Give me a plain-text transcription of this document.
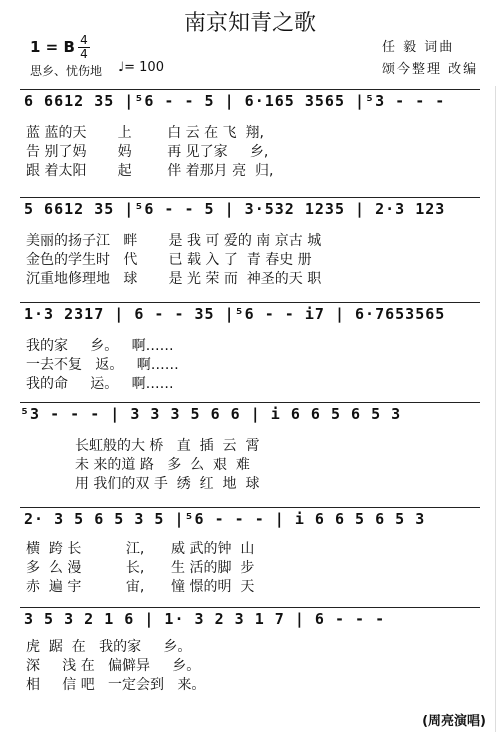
南京知青之歌
1 = B 4
4
思乡、忧伤地 ♩= 100
任 毅 词曲
颂今整理 改编
6 6612 35 |⁵6 - - 5 | 6·165 3565 |⁵3 - - -
蓝 蓝的天       上        白 云 在 飞  翔,
告 别了妈       妈        再 见了家     乡,
跟 着太阳       起        伴 着那月 亮  归,
5 6612 35 |⁵6 - - 5 | 3·532 1235 | 2·3 123
美丽的扬子江   畔       是 我 可 爱的 南 京古 城
金色的学生时   代       已 载 入 了  青 春史 册
沉重地修理地   球       是 光 荣 而  神圣的天 职
1·3 2317 | 6 - - 35 |⁵6 - - i7 | 6·7653565
我的家     乡。   啊……
一去不复   返。   啊……
我的命     运。   啊……
⁵3 - - - | 3 3 3 5 6 6 | i 6 6 5 6 5 3
长虹般的大 桥   直  插  云  霄
未 来的道 路   多  么  艰  难
用 我们的双 手  绣  红  地  球
2· 3 5 6 5 3 5 |⁵6 - - - | i 6 6 5 6 5 3
横  跨 长          江,      威 武的钟  山
多  么 漫          长,      生 活的脚  步
赤  遍 宇          宙,      憧 憬的明  天
3 5 3 2 1 6 | 1· 3 2 3 1 7 | 6 - - -
虎  踞  在   我的家     乡。
深     浅 在   偏僻异     乡。
相     信 吧   一定会到   来。
(周亮演唱)
